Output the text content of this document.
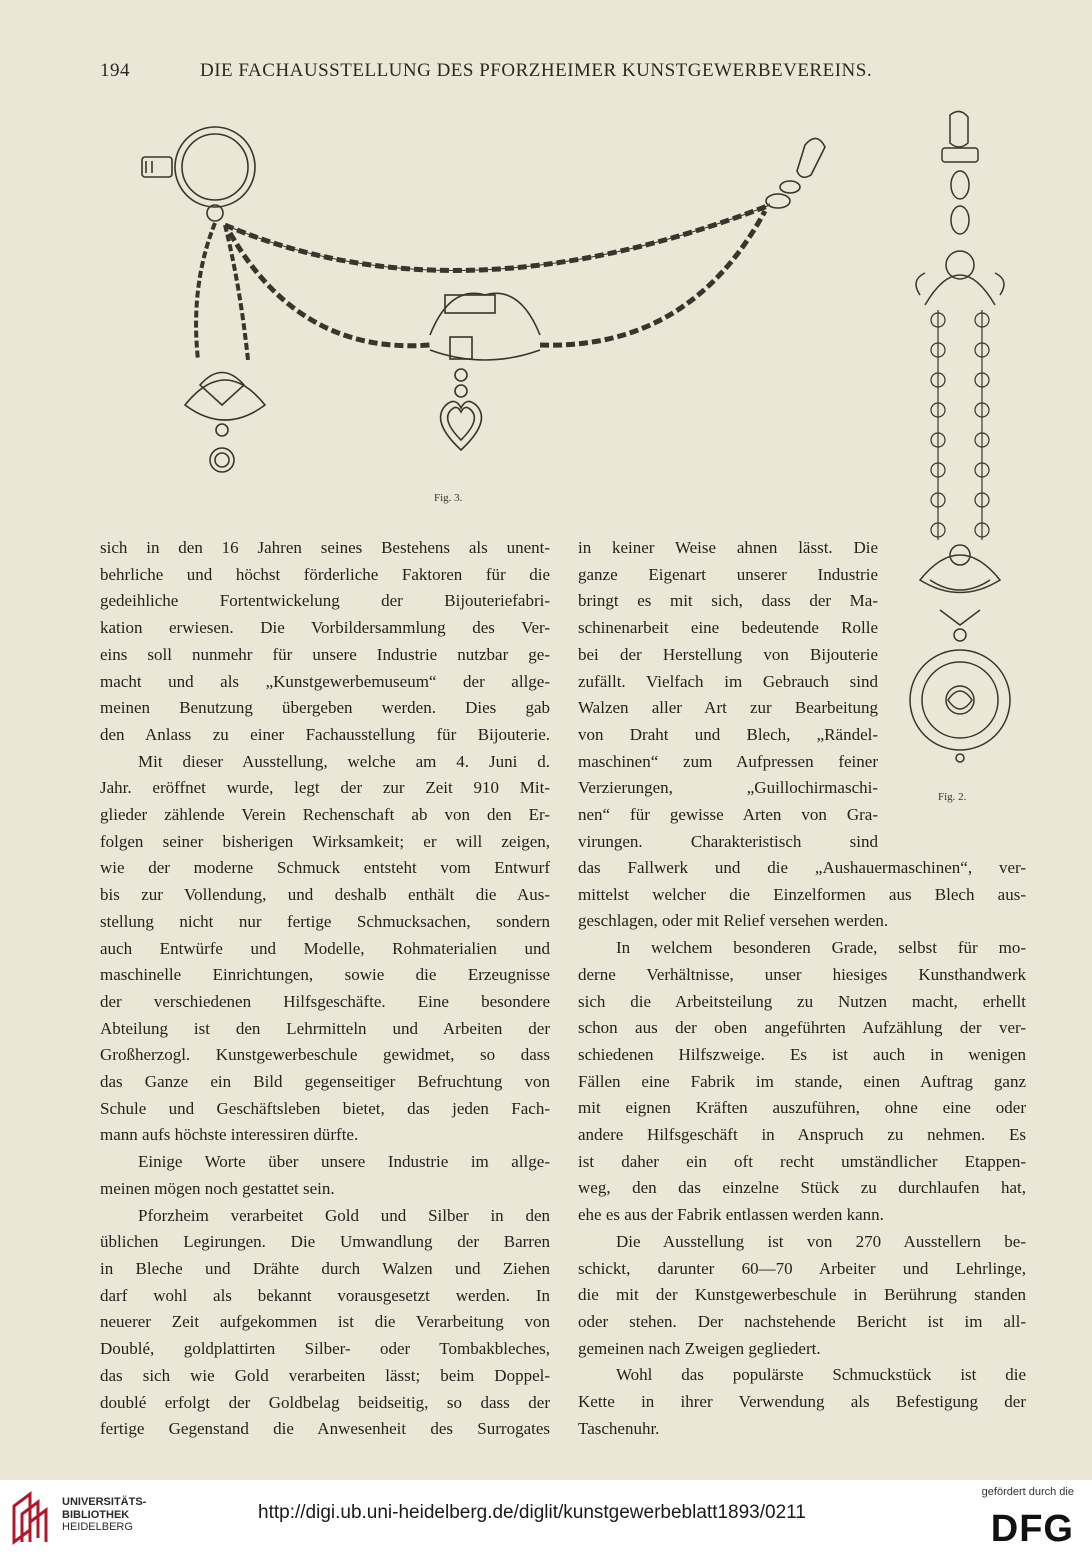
194	DIE FACHAUSSTELLUNG DES PFORZHEIMER KUNSTGEWERBEVEREINS.
Fig. 3.
Fig. 2.
sich in den 16 Jahren seines Bestehens als unent-
behrliche und höchst förderliche Faktoren für die
gedeihliche Fortentwickelung der Bijouteriefabri-
kation erwiesen. Die Vorbildersammlung des Ver-
eins soll nunmehr für unsere Industrie nutzbar ge-
macht und als „Kunstgewerbemuseum“ der allge-
meinen Benutzung übergeben werden. Dies gab
den Anlass zu einer Fachausstellung für Bijouterie.
Mit dieser Ausstellung, welche am 4. Juni d.
Jahr. eröffnet wurde, legt der zur Zeit 910 Mit-
glieder zählende Verein Rechenschaft ab von den Er-
folgen seiner bisherigen Wirksamkeit; er will zeigen,
wie der moderne Schmuck entsteht vom Entwurf
bis zur Vollendung, und deshalb enthält die Aus-
stellung nicht nur fertige Schmucksachen, sondern
auch Entwürfe und Modelle, Rohmaterialien und
maschinelle Einrichtungen, sowie die Erzeugnisse
der verschiedenen Hilfsgeschäfte. Eine besondere
Abteilung ist den Lehrmitteln und Arbeiten der
Großherzogl. Kunstgewerbeschule gewidmet, so dass
das Ganze ein Bild gegenseitiger Befruchtung von
Schule und Geschäftsleben bietet, das jeden Fach-
mann aufs höchste interessiren dürfte.
Einige Worte über unsere Industrie im allge-
meinen mögen noch gestattet sein.
Pforzheim verarbeitet Gold und Silber in den
üblichen Legirungen. Die Umwandlung der Barren
in Bleche und Drähte durch Walzen und Ziehen
darf wohl als bekannt vorausgesetzt werden. In
neuerer Zeit aufgekommen ist die Verarbeitung von
Doublé, goldplattirten Silber- oder Tombakbleches,
das sich wie Gold verarbeiten lässt; beim Doppel-
doublé erfolgt der Goldbelag beidseitig, so dass der
fertige Gegenstand die Anwesenheit des Surrogates
in keiner Weise ahnen lässt. Die
ganze Eigenart unserer Industrie
bringt es mit sich, dass der Ma-
schinenarbeit eine bedeutende Rolle
bei der Herstellung von Bijouterie
zufällt. Vielfach im Gebrauch sind
Walzen aller Art zur Bearbeitung
von Draht und Blech, „Rändel-
maschinen“ zum Aufpressen feiner
Verzierungen, „Guillochirmaschi-
nen“ für gewisse Arten von Gra-
virungen. Charakteristisch sind
das Fallwerk und die „Aushauermaschinen“, ver-
mittelst welcher die Einzelformen aus Blech aus-
geschlagen, oder mit Relief versehen werden.
In welchem besonderen Grade, selbst für mo-
derne Verhältnisse, unser hiesiges Kunsthandwerk
sich die Arbeitsteilung zu Nutzen macht, erhellt
schon aus der oben angeführten Aufzählung der ver-
schiedenen Hilfszweige. Es ist auch in wenigen
Fällen eine Fabrik im stande, einen Auftrag ganz
mit eignen Kräften auszuführen, ohne eine oder
andere Hilfsgeschäft in Anspruch zu nehmen. Es
ist daher ein oft recht umständlicher Etappen-
weg, den das einzelne Stück zu durchlaufen hat,
ehe es aus der Fabrik entlassen werden kann.
Die Ausstellung ist von 270 Ausstellern be-
schickt, darunter 60—70 Arbeiter und Lehrlinge,
die mit der Kunstgewerbeschule in Berührung standen
oder stehen. Der nachstehende Bericht ist im all-
gemeinen nach Zweigen gegliedert.
Wohl das populärste Schmuckstück ist die
Kette in ihrer Verwendung als Befestigung der
Taschenuhr.
UNIVERSITÄTS-
BIBLIOTHEK
HEIDELBERG
http://digi.ub.uni-heidelberg.de/diglit/kunstgewerbeblatt1893/0211
gefördert durch die
DFG
